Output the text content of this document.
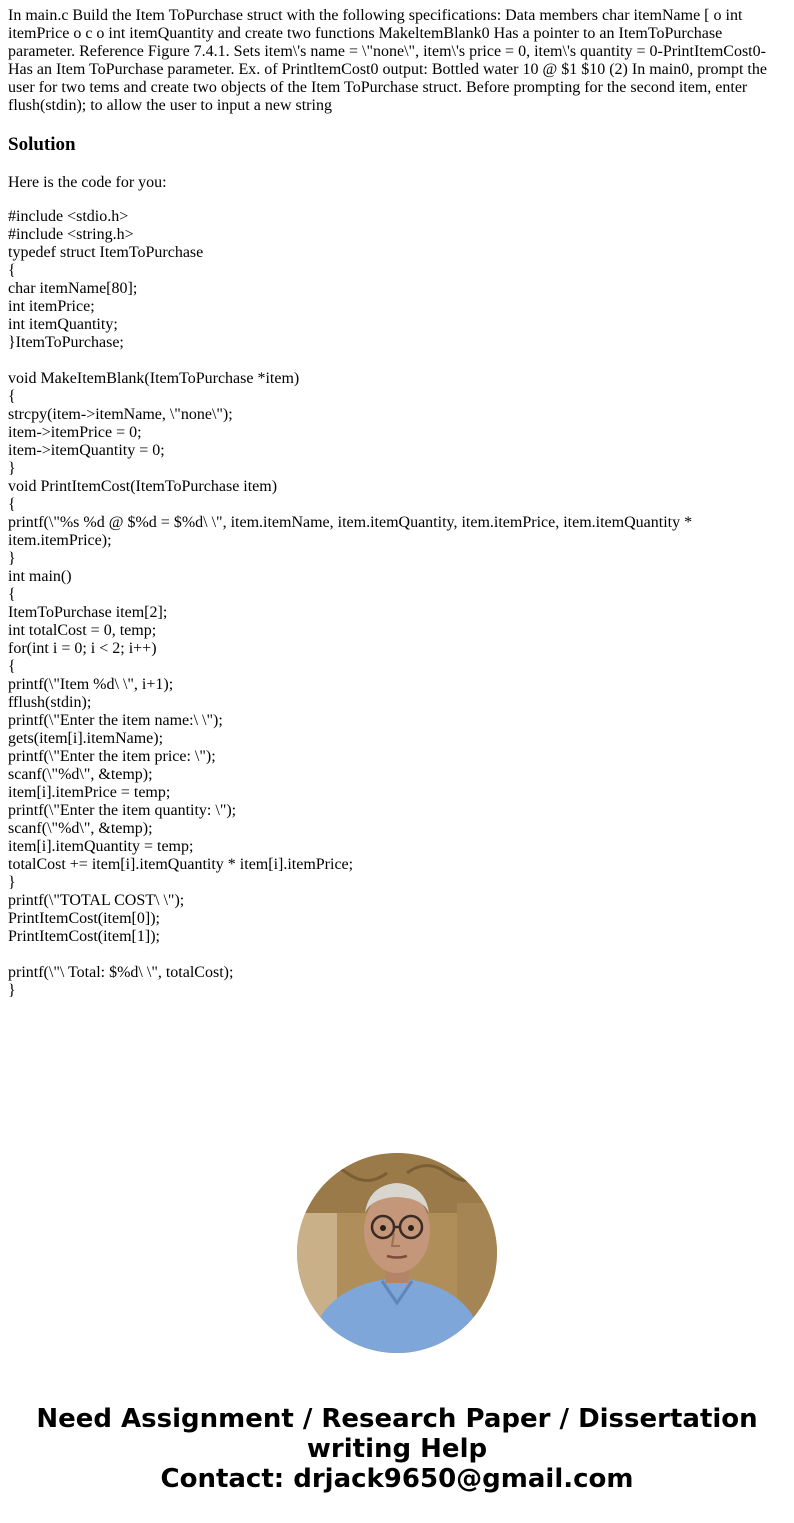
In main.c Build the Item ToPurchase struct with the following specifications: Data members char itemName [ o int itemPrice o c o int itemQuantity and create two functions MakeltemBlank0 Has a pointer to an ItemToPurchase parameter. Reference Figure 7.4.1. Sets item\'s name = \"none\", item\'s price = 0, item\'s quantity = 0-PrintItemCost0- Has an Item ToPurchase parameter. Ex. of PrintltemCost0 output: Bottled water 10 @ $1 $10 (2) In main0, prompt the user for two tems and create two objects of the Item ToPurchase struct. Before prompting for the second item, enter flush(stdin); to allow the user to input a new string

Solution

Here is the code for you:

#include <stdio.h>
#include <string.h>
typedef struct ItemToPurchase
{
char itemName[80];
int itemPrice;
int itemQuantity;
}ItemToPurchase;
void MakeItemBlank(ItemToPurchase *item)
{
strcpy(item->itemName, \"none\");
item->itemPrice = 0;
item->itemQuantity = 0;
}
void PrintItemCost(ItemToPurchase item)
{
printf(\"%s %d @ $%d = $%d\ \", item.itemName, item.itemQuantity, item.itemPrice, item.itemQuantity * item.itemPrice);
}
int main()
{
ItemToPurchase item[2];
int totalCost = 0, temp;
for(int i = 0; i < 2; i++)
{
printf(\"Item %d\ \", i+1);
fflush(stdin);
printf(\"Enter the item name:\ \");
gets(item[i].itemName);
printf(\"Enter the item price: \");
scanf(\"%d\", &temp);
item[i].itemPrice = temp;
printf(\"Enter the item quantity: \");
scanf(\"%d\", &temp);
item[i].itemQuantity = temp;
totalCost += item[i].itemQuantity * item[i].itemPrice;
}
printf(\"TOTAL COST\ \");
PrintItemCost(item[0]);
PrintItemCost(item[1]);
printf(\"\ Total: $%d\ \", totalCost);
}

Need Assignment / Research Paper / Dissertation writing Help
Contact: drjack9650@gmail.com
